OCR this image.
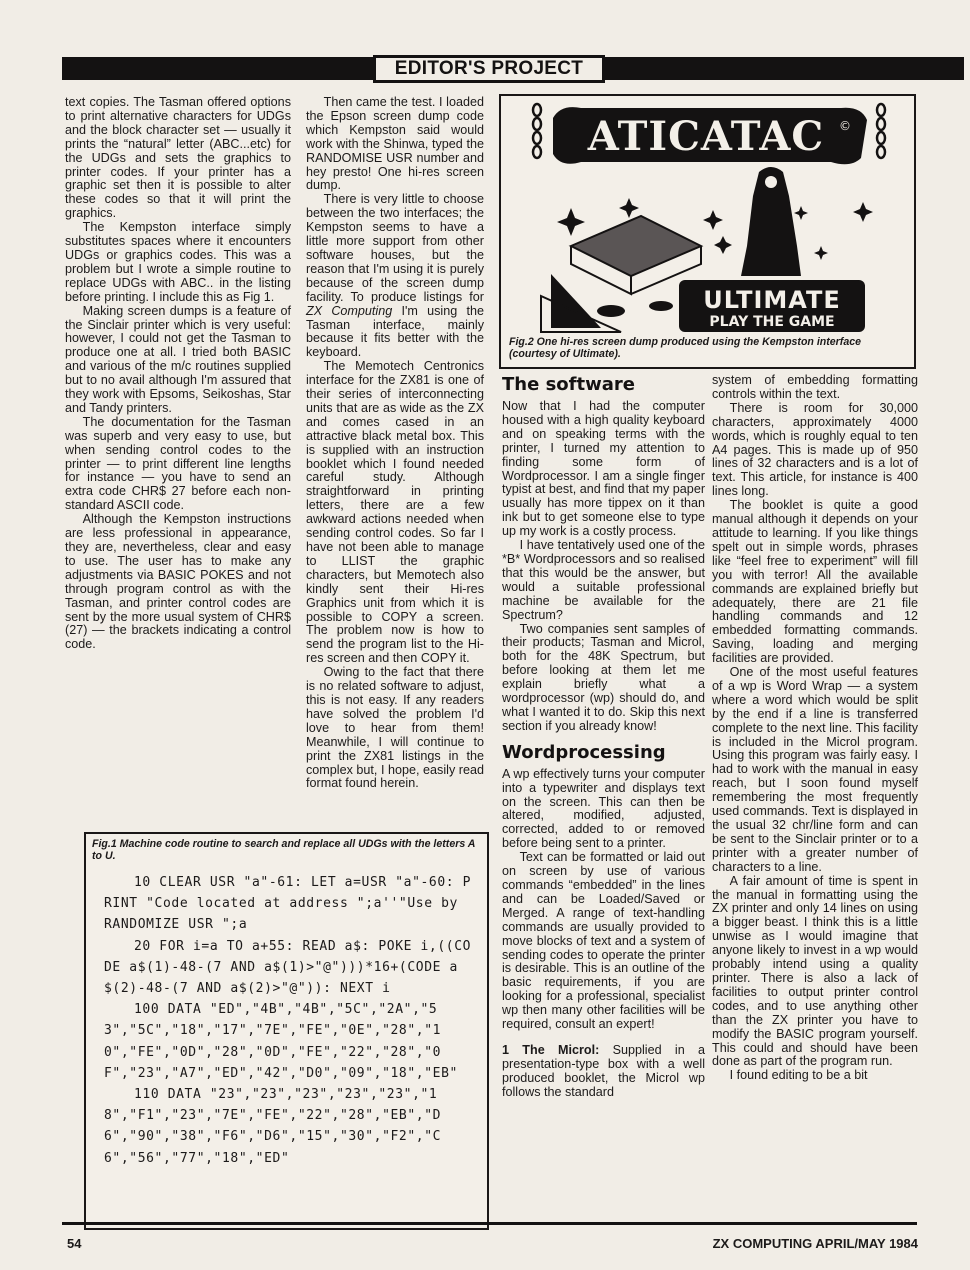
EDITOR'S PROJECT

text copies. The Tasman offered options to print alternative characters for UDGs and the block character set — usually it prints the “natural” letter (ABC...etc) for the UDGs and sets the graphics to printer codes. If your printer has a graphic set then it is possible to alter these codes so that it will print the graphics.

The Kempston interface simply substitutes spaces where it encounters UDGs or graphics codes. This was a problem but I wrote a simple routine to replace UDGs with ABC.. in the listing before printing. I include this as Fig 1.

Making screen dumps is a feature of the Sinclair printer which is very useful: however, I could not get the Tasman to produce one at all. I tried both BASIC and various of the m/c routines supplied but to no avail although I'm assured that they work with Epsoms, Seikoshas, Star and Tandy printers.

The documentation for the Tasman was superb and very easy to use, but when sending control codes to the printer — to print different line lengths for instance — you have to send an extra code CHR$ 27 before each non-standard ASCII code.

Although the Kempston instructions are less professional in appearance, they are, nevertheless, clear and easy to use. The user has to make any adjustments via BASIC POKES and not through program control as with the Tasman, and printer control codes are sent by the more usual system of CHR$ (27) — the brackets indicating a control code.

Then came the test. I loaded the Epson screen dump code which Kempston said would work with the Shinwa, typed the RANDOMISE USR number and hey presto! One hi-res screen dump.

There is very little to choose between the two interfaces; the Kempston seems to have a little more support from other software houses, but the reason that I'm using it is purely because of the screen dump facility. To produce listings for ZX Computing I'm using the Tasman interface, mainly because it fits better with the keyboard.

The Memotech Centronics interface for the ZX81 is one of their series of interconnecting units that are as wide as the ZX and comes cased in an attractive black metal box. This is supplied with an instruction booklet which I found needed careful study. Although straightforward in printing letters, there are a few awkward actions needed when sending control codes. So far I have not been able to manage to LLIST the graphic characters, but Memotech also kindly sent their Hi-res Graphics unit from which it is possible to COPY a screen. The problem now is how to send the program list to the Hi-res screen and then COPY it.

Owing to the fact that there is no related software to adjust, this is not easy. If any readers have solved the problem I'd love to hear from them! Meanwhile, I will continue to print the ZX81 listings in the complex but, I hope, easily read format found herein.

ATICATAC ©
ULTIMATE
PLAY THE GAME
Fig.2 One hi-res screen dump produced using the Kempston interface (courtesy of Ultimate).
The software

Now that I had the computer housed with a high quality keyboard and on speaking terms with the printer, I turned my attention to finding some form of Wordprocessor. I am a single finger typist at best, and find that my paper usually has more tippex on it than ink but to get someone else to type up my work is a costly process.

I have tentatively used one of the *B* Wordprocessors and so realised that this would be the answer, but would a suitable professional machine be available for the Spectrum?

Two companies sent samples of their products; Tasman and Microl, both for the 48K Spectrum, but before looking at them let me explain briefly what a wordprocessor (wp) should do, and what I wanted it to do. Skip this next section if you already know!

Wordprocessing

A wp effectively turns your computer into a typewriter and displays text on the screen. This can then be altered, modified, adjusted, corrected, added to or removed before being sent to a printer.

Text can be formatted or laid out on screen by use of various commands “embedded” in the lines and can be Loaded/Saved or Merged. A range of text-handling commands are usually provided to move blocks of text and a system of sending codes to operate the printer is desirable. This is an outline of the basic requirements, if you are looking for a professional, specialist wp then many other facilities will be required, consult an expert!

1 The Microl: Supplied in a presentation-type box with a well produced booklet, the Microl wp follows the standard

system of embedding formatting controls within the text.

There is room for 30,000 characters, approximately 4000 words, which is roughly equal to ten A4 pages. This is made up of 950 lines of 32 characters and is a lot of text. This article, for instance is 400 lines long.

The booklet is quite a good manual although it depends on your attitude to learning. If you like things spelt out in simple words, phrases like “feel free to experiment” will fill you with terror! All the available commands are explained briefly but adequately, there are 21 file handling commands and 12 embedded formatting commands. Saving, loading and merging facilities are provided.

One of the most useful features of a wp is Word Wrap — a system where a word which would be split by the end if a line is transferred complete to the next line. This facility is included in the Microl program. Using this program was fairly easy. I had to work with the manual in easy reach, but I soon found myself remembering the most frequently used commands. Text is displayed in the usual 32 chr/line form and can be sent to the Sinclair printer or to a printer with a greater number of characters to a line.

A fair amount of time is spent in the manual in formatting using the ZX printer and only 14 lines on using a bigger beast. I think this is a little unwise as I would imagine that anyone likely to invest in a wp would probably intend using a quality printer. There is also a lack of facilities to output printer control codes, and to use anything other than the ZX printer you have to modify the BASIC program yourself. This could and should have been done as part of the program run.

I found editing to be a bit

Fig.1 Machine code routine to search and replace all UDGs with the letters A to U.
10 CLEAR USR "a"-61: LET a=USR "a"-60: PRINT "Code located at address ";a''"Use by RANDOMIZE USR ";a
20 FOR i=a TO a+55: READ a$: POKE i,((CODE a$(1)-48-(7 AND a$(1)>"@")))*16+(CODE a$(2)-48-(7 AND a$(2)>"@")): NEXT i
100 DATA "ED","4B","4B","5C","2A","53","5C","18","17","7E","FE","0E","28","10","FE","0D","28","0D","FE","22","28","0F","23","A7","ED","42","D0","09","18","EB"
110 DATA "23","23","23","23","23","18","F1","23","7E","FE","22","28","EB","D6","90","38","F6","D6","15","30","F2","C6","56","77","18","ED"
54	ZX COMPUTING APRIL/MAY 1984
